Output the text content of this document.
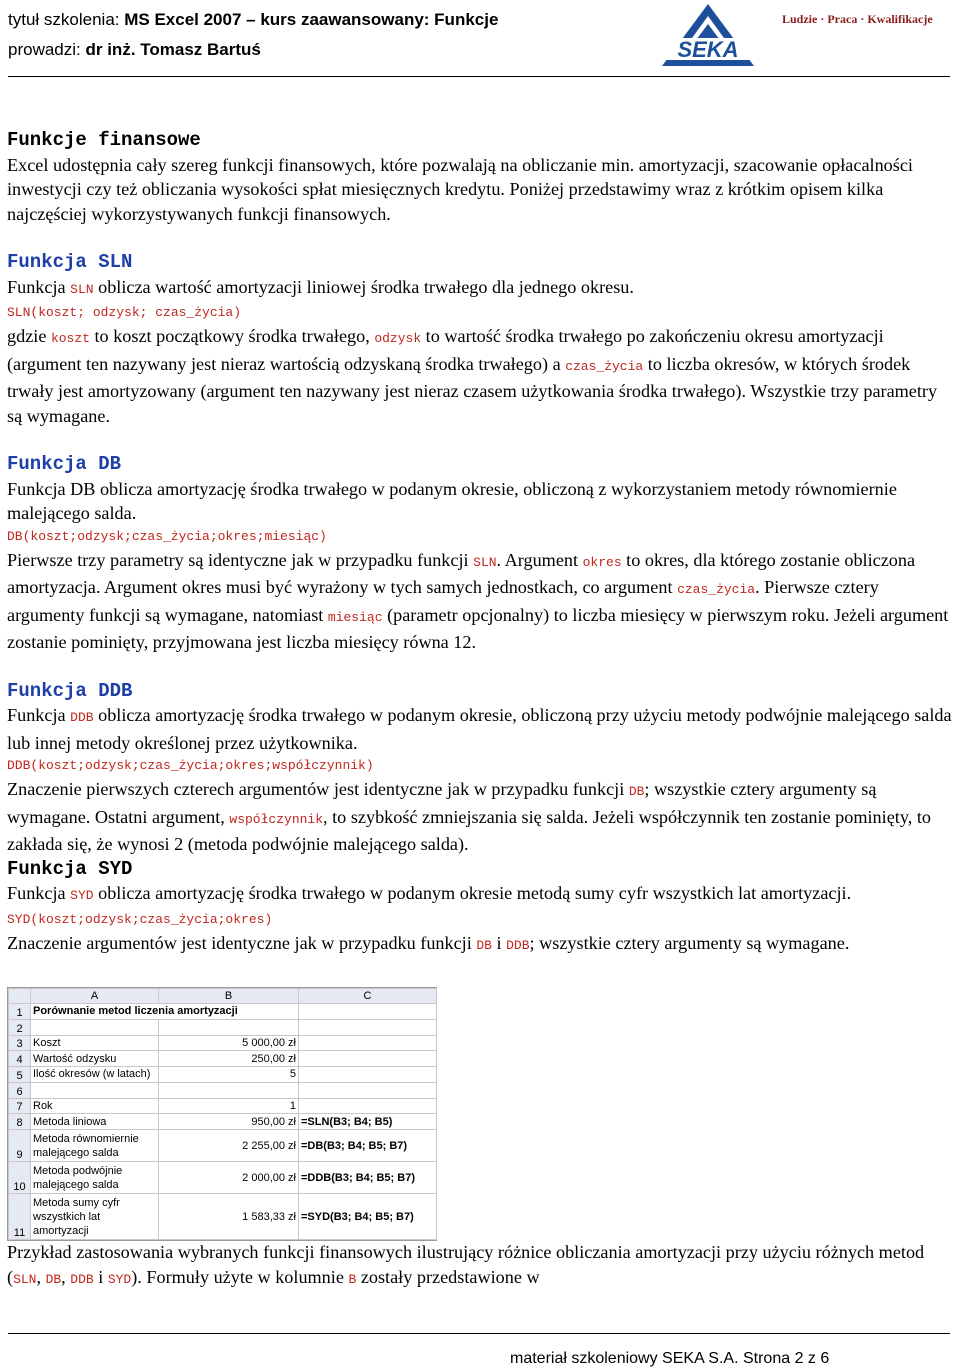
tytuł szkolenia: MS Excel 2007 – kurs zaawansowany: Funkcje
prowadzi: dr inż. Tomasz Bartuś	SEKA
Ludzie · Praca · Kwalifikacje

Funkcje finansowe

Excel udostępnia cały szereg funkcji finansowych, które pozwalają na obliczanie min. amortyzacji, szacowanie opłacalności inwestycji czy też obliczania wysokości spłat miesięcznych kredytu. Poniżej przedstawimy wraz z krótkim opisem kilka najczęściej wykorzystywanych funkcji finansowych.

Funkcja SLN

Funkcja SLN oblicza wartość amortyzacji liniowej środka trwałego dla jednego okresu.

SLN(koszt; odzysk; czas_życia)

gdzie koszt to koszt początkowy środka trwałego, odzysk to wartość środka trwałego po zakończeniu okresu amortyzacji (argument ten nazywany jest nieraz wartością odzyskaną środka trwałego) a czas_życia to liczba okresów, w których środek trwały jest amortyzowany (argument ten nazywany jest nieraz czasem użytkowania środka trwałego). Wszystkie trzy parametry są wymagane.

Funkcja DB

Funkcja DB oblicza amortyzację środka trwałego w podanym okresie, obliczoną z wykorzystaniem metody równomiernie malejącego salda.

DB(koszt;odzysk;czas_życia;okres;miesiąc)

Pierwsze trzy parametry są identyczne jak w przypadku funkcji SLN. Argument okres to okres, dla którego zostanie obliczona amortyzacja. Argument okres musi być wyrażony w tych samych jednostkach, co argument czas_życia. Pierwsze cztery argumenty funkcji są wymagane, natomiast miesiąc (parametr opcjonalny) to liczba miesięcy w pierwszym roku. Jeżeli argument zostanie pominięty, przyjmowana jest liczba miesięcy równa 12.

Funkcja DDB

Funkcja DDB oblicza amortyzację środka trwałego w podanym okresie, obliczoną przy użyciu metody podwójnie malejącego salda lub innej metody określonej przez użytkownika.

DDB(koszt;odzysk;czas_życia;okres;współczynnik)

Znaczenie pierwszych czterech argumentów jest identyczne jak w przypadku funkcji DB; wszystkie cztery argumenty są wymagane. Ostatni argument, współczynnik, to szybkość zmniejszania się salda. Jeżeli współczynnik ten zostanie pominięty, to zakłada się, że wynosi 2 (metoda podwójnie malejącego salda).

Funkcja SYD

Funkcja SYD oblicza amortyzację środka trwałego w podanym okresie metodą sumy cyfr wszystkich lat amortyzacji.

SYD(koszt;odzysk;czas_życia;okres)

Znaczenie argumentów jest identyczne jak w przypadku funkcji DB i DDB; wszystkie cztery argumenty są wymagane.

	A	B	C
1	Porównanie metod liczenia amortyzacji		
2			
3	Koszt	5 000,00 zł	
4	Wartość odzysku	250,00 zł	
5	Ilość okresów (w latach)	5	
6			
7	Rok	1	
8	Metoda liniowa	950,00 zł	=SLN(B3; B4; B5)
9	Metoda równomiernie malejącego salda	2 255,00 zł	=DB(B3; B4; B5; B7)
10	Metoda podwójnie malejącego salda	2 000,00 zł	=DDB(B3; B4; B5; B7)
11	Metoda sumy cyfr wszystkich lat amortyzacji	1 583,33 zł	=SYD(B3; B4; B5; B7)

Przykład zastosowania wybranych funkcji finansowych ilustrujący różnice obliczania amortyzacji przy użyciu różnych metod (SLN, DB, DDB i SYD). Formuły użyte w kolumnie B zostały przedstawione w

materiał szkoleniowy SEKA S.A. Strona 2 z 6
